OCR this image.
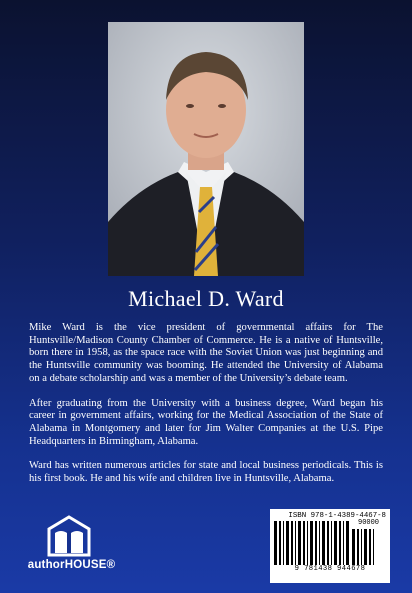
Michael D. Ward

Mike Ward is the vice president of governmental affairs for The Huntsville/Madison County Chamber of Commerce. He is a native of Huntsville, born there in 1958, as the space race with the Soviet Union was just beginning and the Huntsville community was booming. He attended the University of Alabama on a debate scholarship and was a member of the University’s debate team.

After graduating from the University with a business degree, Ward began his career in government affairs, working for the Medical Association of the State of Alabama in Montgomery and later for Jim Walter Companies at the U.S. Pipe Headquarters in Birmingham, Alabama.

Ward has written numerous articles for state and local business periodicals. This is his first book. He and his wife and children live in Huntsville, Alabama.

authorHOUSE®
ISBN 978-1-4389-4467-8
9 781438 944678
90000
